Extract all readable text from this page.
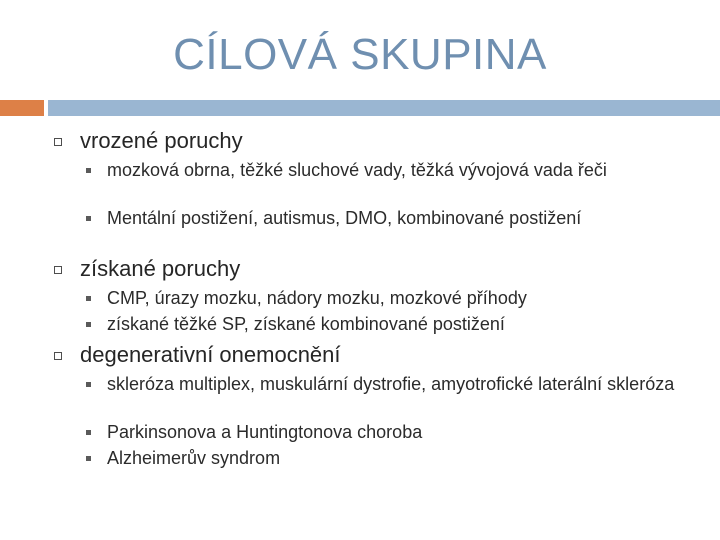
CÍLOVÁ SKUPINA
vrozené poruchy
mozková obrna, těžké sluchové vady, těžká vývojová vada řeči
Mentální postižení, autismus, DMO, kombinované postižení
získané poruchy
CMP, úrazy mozku, nádory mozku, mozkové příhody
získané těžké SP, získané kombinované postižení
degenerativní onemocnění
skleróza multiplex, muskulární dystrofie, amyotrofické laterální skleróza
Parkinsonova a Huntingtonova choroba
Alzheimerův syndrom
